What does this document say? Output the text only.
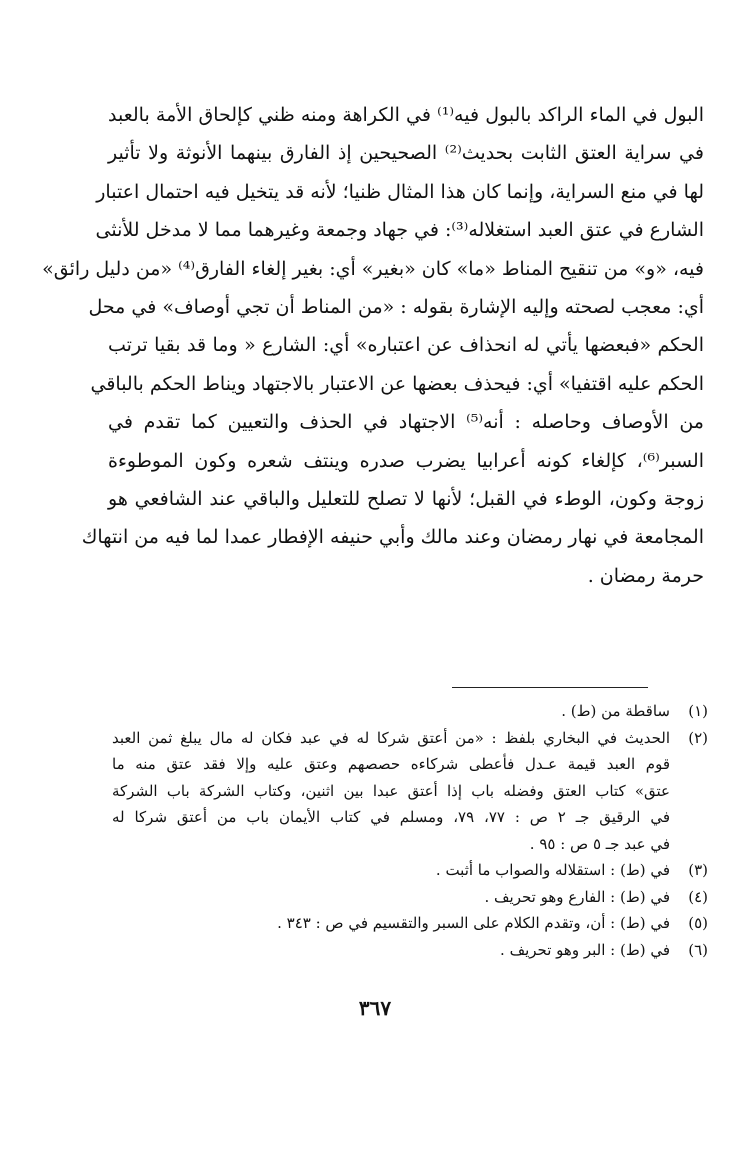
البول في الماء الراكد بالبول فيه⁽¹⁾ في الكراهة ومنه ظني كإلحاق الأمة بالعبد
في سراية العتق الثابت بحديث⁽²⁾ الصحيحين إذ الفارق بينهما الأنوثة ولا تأثير
لها في منع السراية، وإنما كان هذا المثال ظنيا؛ لأنه قد يتخيل فيه احتمال اعتبار
الشارع في عتق العبد استغلاله⁽³⁾: في جهاد وجمعة وغيرهما مما لا مدخل للأنثى
فيه، «و» من تنقيح المناط «ما» كان «بغير» أي: بغير إلغاء الفارق⁽⁴⁾ «من دليل رائق»
أي: معجب لصحته وإليه الإشارة بقوله : «من المناط أن تجي أوصاف» في محل
الحكم «فبعضها يأتي له انحذاف عن اعتباره» أي: الشارع « وما قد بقيا ترتب
الحكم عليه اقتفيا» أي: فيحذف بعضها عن الاعتبار بالاجتهاد ويناط الحكم بالباقي
من الأوصاف وحاصله : أنه⁽⁵⁾ الاجتهاد في الحذف والتعيين كما تقدم في
السبر⁽⁶⁾، كإلغاء كونه أعرابيا يضرب صدره وينتف شعره وكون الموطوءة
زوجة وكون، الوطء في القبل؛ لأنها لا تصلح للتعليل والباقي عند الشافعي هو
المجامعة في نهار رمضان وعند مالك وأبي حنيفه الإفطار عمدا لما فيه من انتهاك
حرمة رمضان .
(١)
ساقطة من (ط) .
(٢)
الحديث في البخاري بلفظ : «من أعتق شركا له في عبد فكان له مال يبلغ ثمن العبد
قوم العبد قيمة عـدل فأعطى شركاءه حصصهم وعتق عليه وإلا فقد عتق منه ما
عتق» كتاب العتق وفضله باب إذا أعتق عبدا بين اثنين، وكتاب الشركة باب الشركة
في الرقيق جـ ٢ ص : ٧٧، ٧٩، ومسلم في كتاب الأيمان باب من أعتق شركا له
في عبد جـ ٥ ص : ٩٥ .
(٣)
في (ط) : استقلاله والصواب ما أثبت .
(٤)
في (ط) : الفارع وهو تحريف .
(٥)
في (ط) : أن، وتقدم الكلام على السبر والتقسيم في ص : ٣٤٣ .
(٦)
في (ط) : البر وهو تحريف .
٣٦٧
